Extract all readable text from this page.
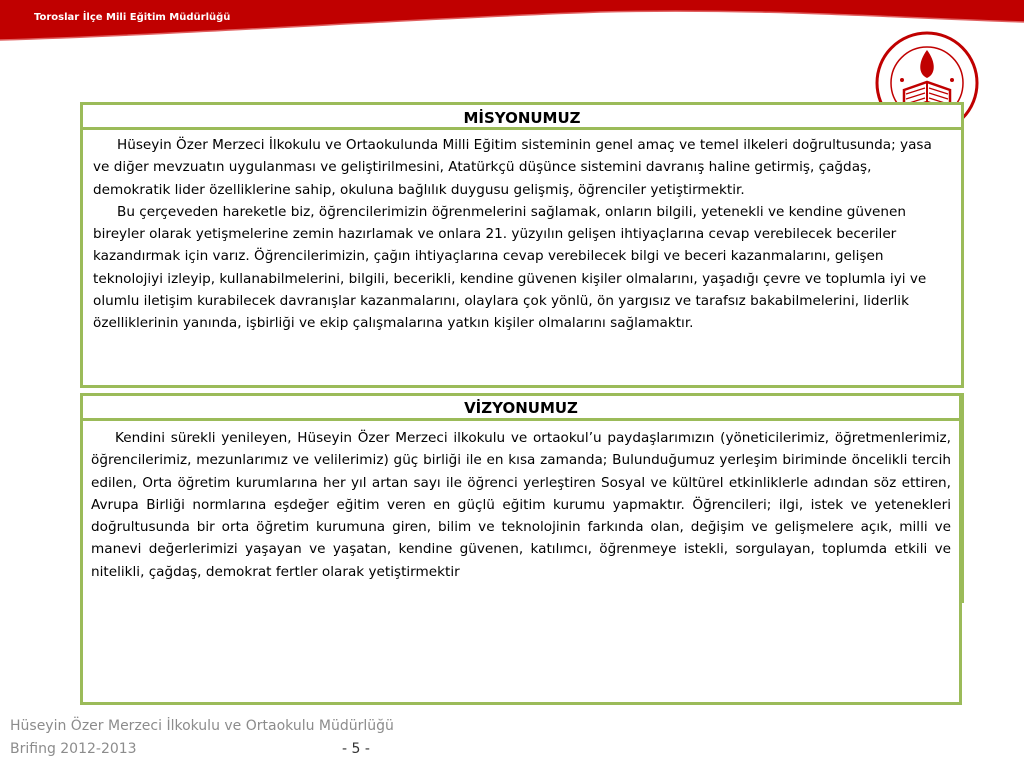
Toroslar İlçe Mili Eğitim Müdürlüğü
MİSYONUMUZ

Hüseyin Özer Merzeci İlkokulu ve Ortaokulunda Milli Eğitim sisteminin genel amaç ve temel ilkeleri doğrultusunda; yasa ve diğer mevzuatın uygulanması ve geliştirilmesini, Atatürkçü düşünce sistemini davranış haline getirmiş, çağdaş, demokratik lider özelliklerine sahip, okuluna bağlılık duygusu gelişmiş, öğrenciler yetiştirmektir.

Bu çerçeveden hareketle biz, öğrencilerimizin öğrenmelerini sağlamak, onların bilgili, yetenekli ve kendine güvenen bireyler olarak yetişmelerine zemin hazırlamak ve onlara 21. yüzyılın gelişen ihtiyaçlarına cevap verebilecek beceriler kazandırmak için varız. Öğrencilerimizin, çağın ihtiyaçlarına cevap verebilecek bilgi ve beceri kazanmalarını, gelişen teknolojiyi izleyip, kullanabilmelerini, bilgili, becerikli, kendine güvenen kişiler olmalarını, yaşadığı çevre ve toplumla iyi ve olumlu iletişim kurabilecek davranışlar kazanmalarını, olaylara çok yönlü, ön yargısız ve tarafsız bakabilmelerini, liderlik özelliklerinin yanında, işbirliği ve ekip çalışmalarına yatkın kişiler olmalarını sağlamaktır.

VİZYONUMUZ

Kendini sürekli yenileyen, Hüseyin Özer Merzeci ilkokulu ve ortaokul’u paydaşlarımızın (yöneticilerimiz, öğretmenlerimiz, öğrencilerimiz, mezunlarımız ve velilerimiz) güç birliği ile en kısa zamanda; Bulunduğumuz yerleşim biriminde öncelikli tercih edilen, Orta öğretim kurumlarına her yıl artan sayı ile öğrenci yerleştiren Sosyal ve kültürel etkinliklerle adından söz ettiren, Avrupa Birliği normlarına eşdeğer eğitim veren en güçlü eğitim kurumu yapmaktır. Öğrencileri; ilgi, istek ve yetenekleri doğrultusunda bir orta öğretim kurumuna giren, bilim ve teknolojinin farkında olan, değişim ve gelişmelere açık, milli ve manevi değerlerimizi yaşayan ve yaşatan, kendine güvenen, katılımcı, öğrenmeye istekli, sorgulayan, toplumda etkili ve nitelikli, çağdaş, demokrat fertler olarak yetiştirmektir

Hüseyin Özer Merzeci İlkokulu ve Ortaokulu Müdürlüğü
Brifing 2012-2013	- 5 -
